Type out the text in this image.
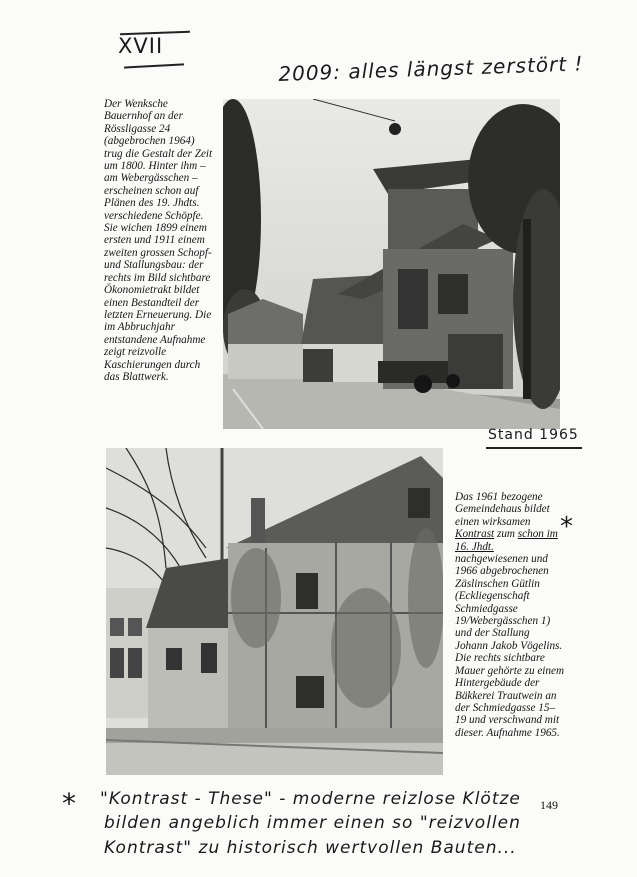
XVII
2009: alles längst zerstört !
Der Wenksche Bauernhof an der Rössligasse 24 (abgebrochen 1964) trug die Gestalt der Zeit um 1800. Hinter ihm – am Webergässchen – erscheinen schon auf Plänen des 19. Jhdts. verschiedene Schöpfe. Sie wichen 1899 einem ersten und 1911 einem zweiten grossen Schopf- und Stallungsbau: der rechts im Bild sichtbare Ökonomietrakt bildet einen Bestandteil der letzten Erneuerung. Die im Abbruchjahr entstandene Aufnahme zeigt reizvolle Kaschierungen durch das Blattwerk.
Stand 1965
*
Das 1961 bezogene Gemeindehaus bildet einen wirksamen Kontrast zum schon im 16. Jhdt. nachgewiesenen und 1966 abgebrochenen Zäslinschen Gütlin (Eckliegenschaft Schmiedgasse 19/Webergässchen 1) und der Stallung Johann Jakob Vögelins. Die rechts sichtbare Mauer gehörte zu einem Hintergebäude der Bäkkerei Trautwein an der Schmiedgasse 15–19 und verschwand mit dieser. Aufnahme 1965.
* "Kontrast - These" - moderne reizlose Klötze
bilden angeblich immer einen so "reizvollen
Kontrast" zu historisch wertvollen Bauten...
149
